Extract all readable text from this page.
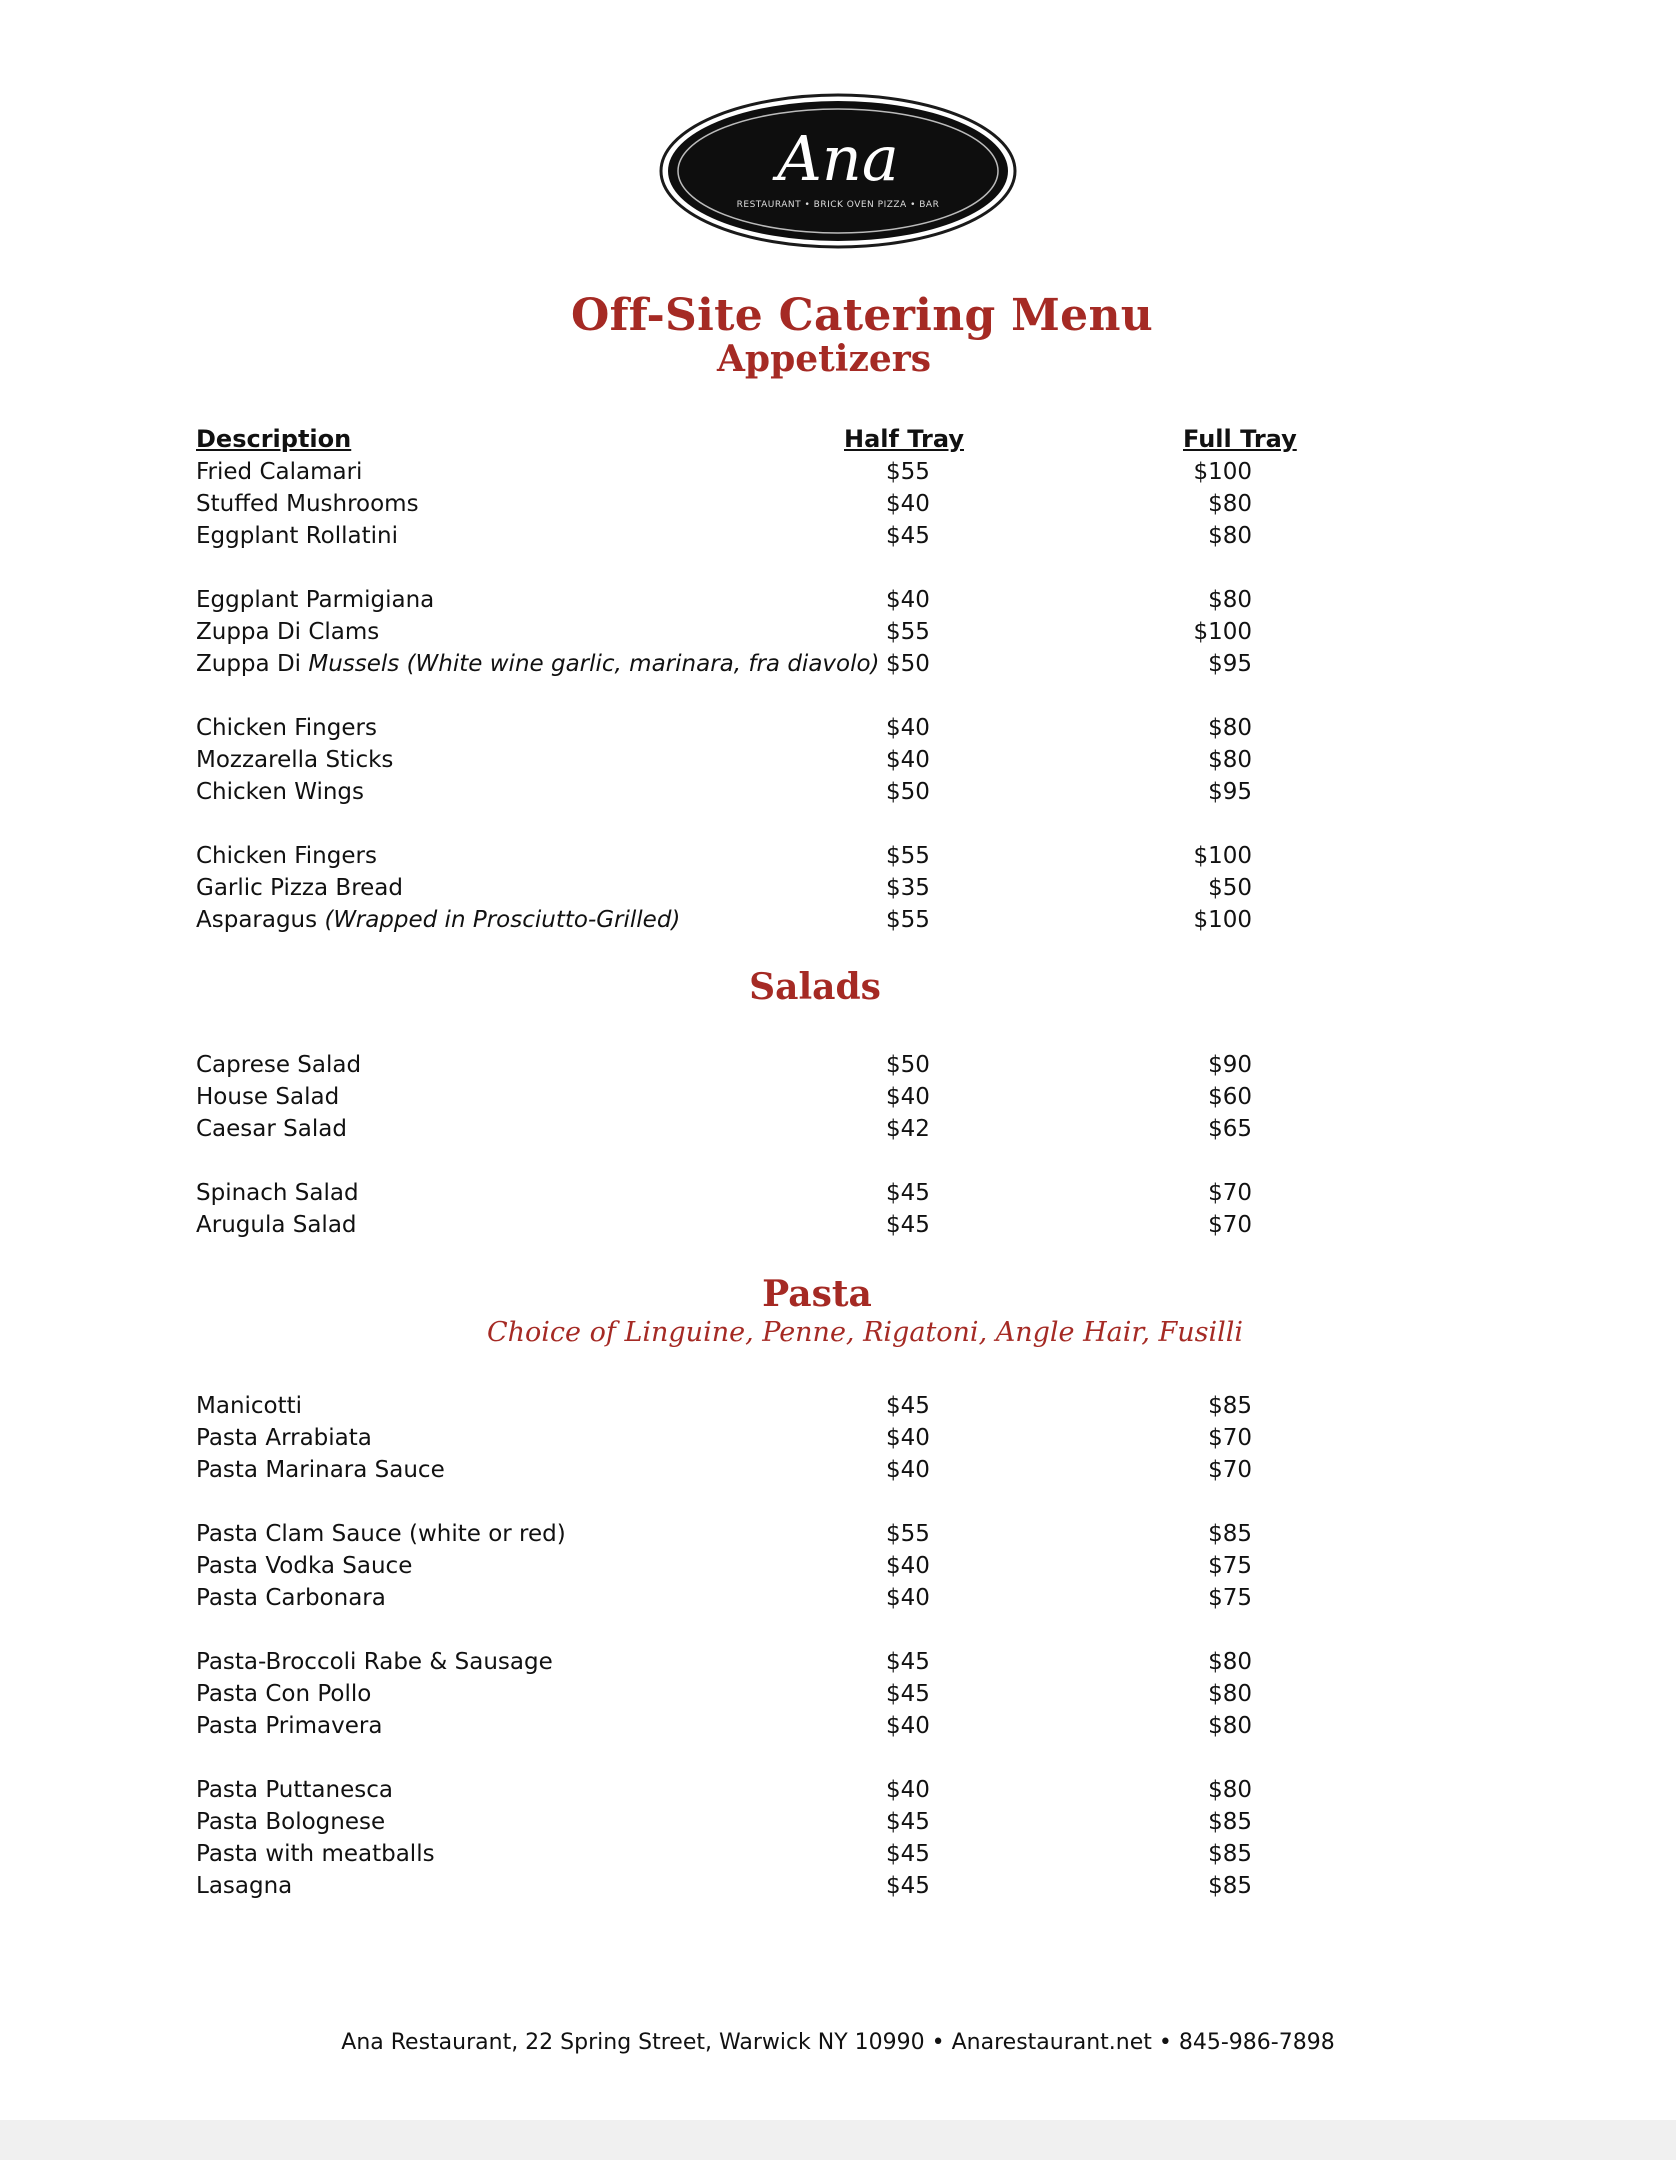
Ana
RESTAURANT • BRICK OVEN PIZZA • BAR
Off-Site Catering Menu
Appetizers
Description	Half Tray	Full Tray
Fried Calamari	$55	$100
Stuffed Mushrooms	$40	$80
Eggplant Rollatini	$45	$80
Eggplant Parmigiana	$40	$80
Zuppa Di Clams	$55	$100
Zuppa Di Mussels (White wine garlic, marinara, fra diavolo) $50	$95
Chicken Fingers	$40	$80
Mozzarella Sticks	$40	$80
Chicken Wings	$50	$95
Chicken Fingers	$55	$100
Garlic Pizza Bread	$35	$50
Asparagus (Wrapped in Prosciutto-Grilled)	$55	$100
Salads
Caprese Salad	$50	$90
House Salad	$40	$60
Caesar Salad	$42	$65
Spinach Salad	$45	$70
Arugula Salad	$45	$70
Pasta
Choice of Linguine, Penne, Rigatoni, Angle Hair, Fusilli
Manicotti	$45	$85
Pasta Arrabiata	$40	$70
Pasta Marinara Sauce	$40	$70
Pasta Clam Sauce (white or red)	$55	$85
Pasta Vodka Sauce	$40	$75
Pasta Carbonara	$40	$75
Pasta-Broccoli Rabe & Sausage	$45	$80
Pasta Con Pollo	$45	$80
Pasta Primavera	$40	$80
Pasta Puttanesca	$40	$80
Pasta Bolognese	$45	$85
Pasta with meatballs	$45	$85
Lasagna	$45	$85
Ana Restaurant, 22 Spring Street, Warwick NY 10990 • Anarestaurant.net • 845-986-7898
